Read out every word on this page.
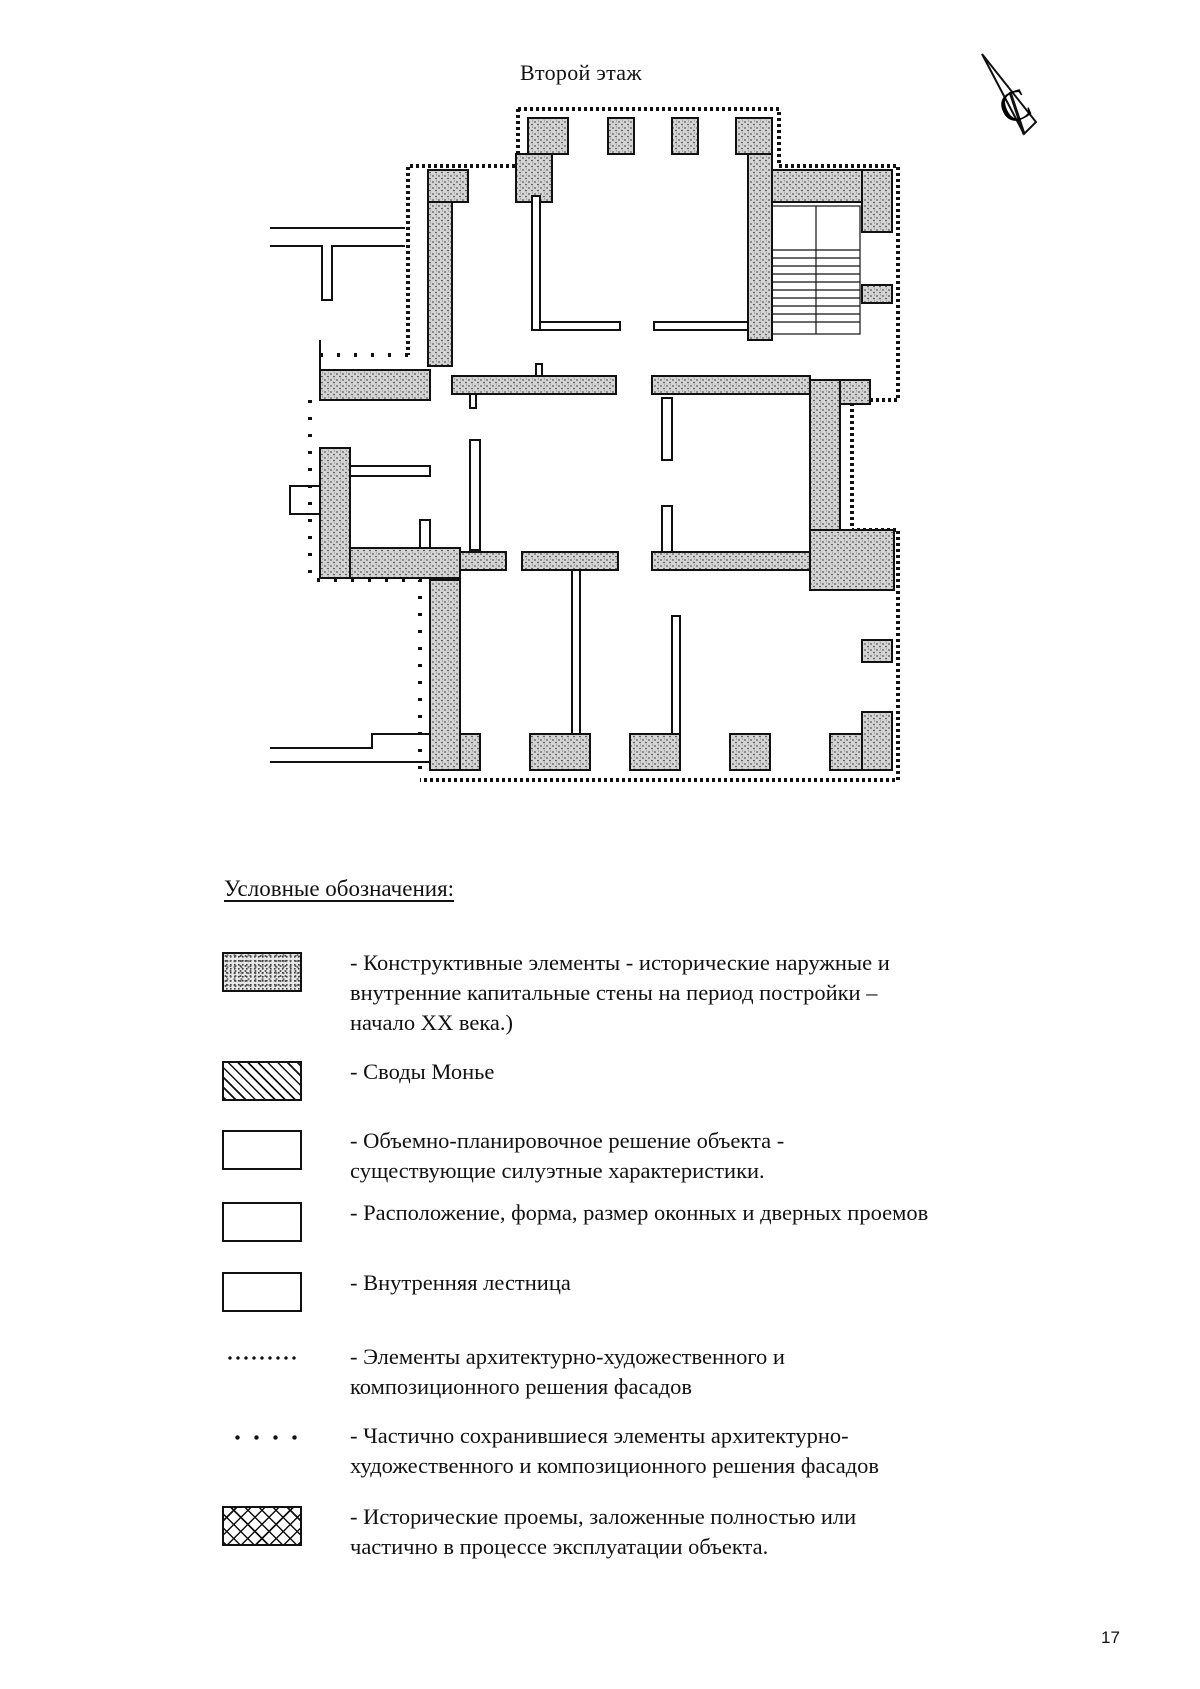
Второй этаж
С
Условные обозначения:
- Конструктивные элементы - исторические наружные и
внутренние капитальные стены на период постройки –
начало XX века.)
- Своды Монье
- Объемно-планировочное решение объекта -
существующие силуэтные характеристики.
- Расположение, форма, размер оконных и дверных проемов
- Внутренняя лестница
- Элементы архитектурно-художественного и
композиционного решения фасадов
- Частично сохранившиеся элементы архитектурно-
художественного и композиционного решения фасадов
- Исторические проемы, заложенные полностью или
частично в процессе эксплуатации объекта.
17
